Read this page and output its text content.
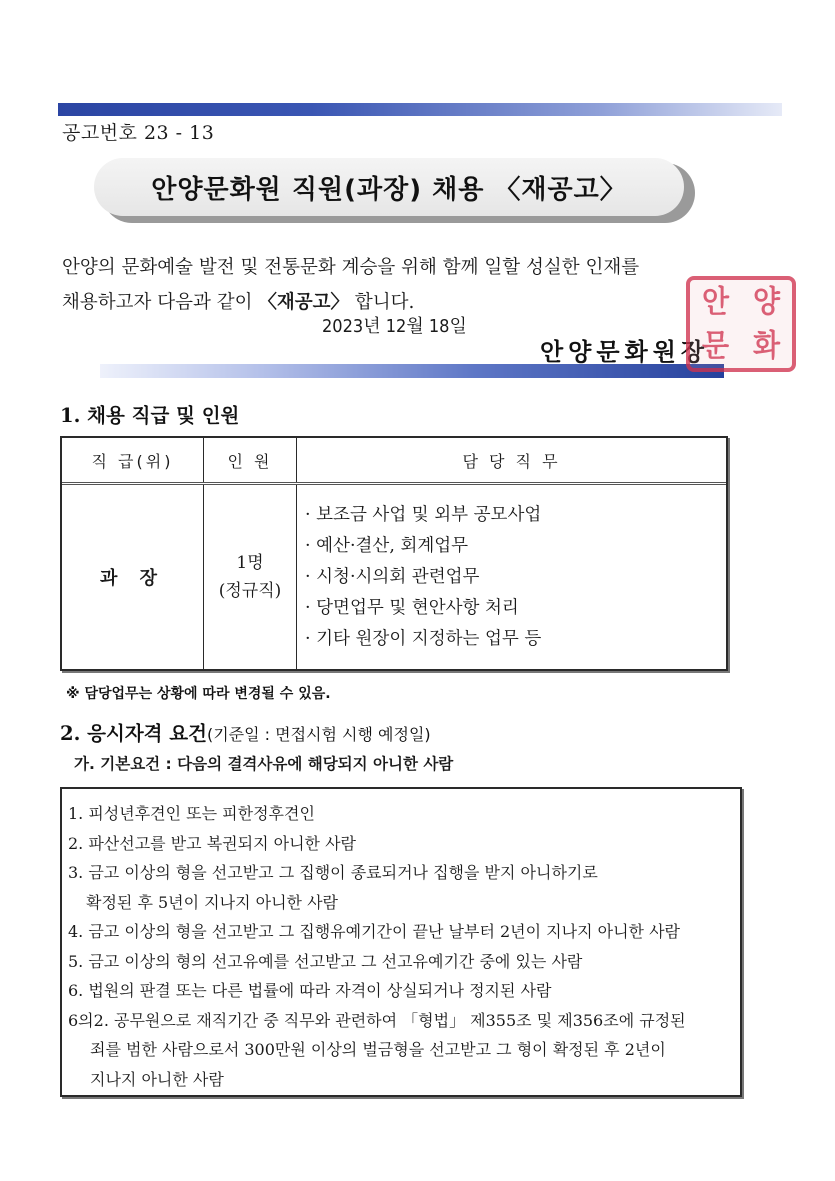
공고번호 23 - 13
안양문화원 직원(과장) 채용 〈재공고〉
안양의 문화예술 발전 및 전통문화 계승을 위해 함께 일할 성실한 인재를
채용하고자 다음과 같이 〈재공고〉 합니다.
2023년 12월 18일
안양문화원장
안 양
문 화
1. 채용 직급 및 인원
직 급(위)	인 원	담 당 직 무
과 장
1명
(정규직)
· 보조금 사업 및 외부 공모사업
· 예산·결산, 회계업무
· 시청·시의회 관련업무
· 당면업무 및 현안사항 처리
· 기타 원장이 지정하는 업무 등
※ 담당업무는 상황에 따라 변경될 수 있음.
2. 응시자격 요건(기준일 : 면접시험 시행 예정일)
가. 기본요건 : 다음의 결격사유에 해당되지 아니한 사람
1. 피성년후견인 또는 피한정후견인
2. 파산선고를 받고 복권되지 아니한 사람
3. 금고 이상의 형을 선고받고 그 집행이 종료되거나 집행을 받지 아니하기로
확정된 후 5년이 지나지 아니한 사람
4. 금고 이상의 형을 선고받고 그 집행유예기간이 끝난 날부터 2년이 지나지 아니한 사람
5. 금고 이상의 형의 선고유예를 선고받고 그 선고유예기간 중에 있는 사람
6. 법원의 판결 또는 다른 법률에 따라 자격이 상실되거나 정지된 사람
6의2. 공무원으로 재직기간 중 직무와 관련하여 「형법」 제355조 및 제356조에 규정된
죄를 범한 사람으로서 300만원 이상의 벌금형을 선고받고 그 형이 확정된 후 2년이
지나지 아니한 사람
